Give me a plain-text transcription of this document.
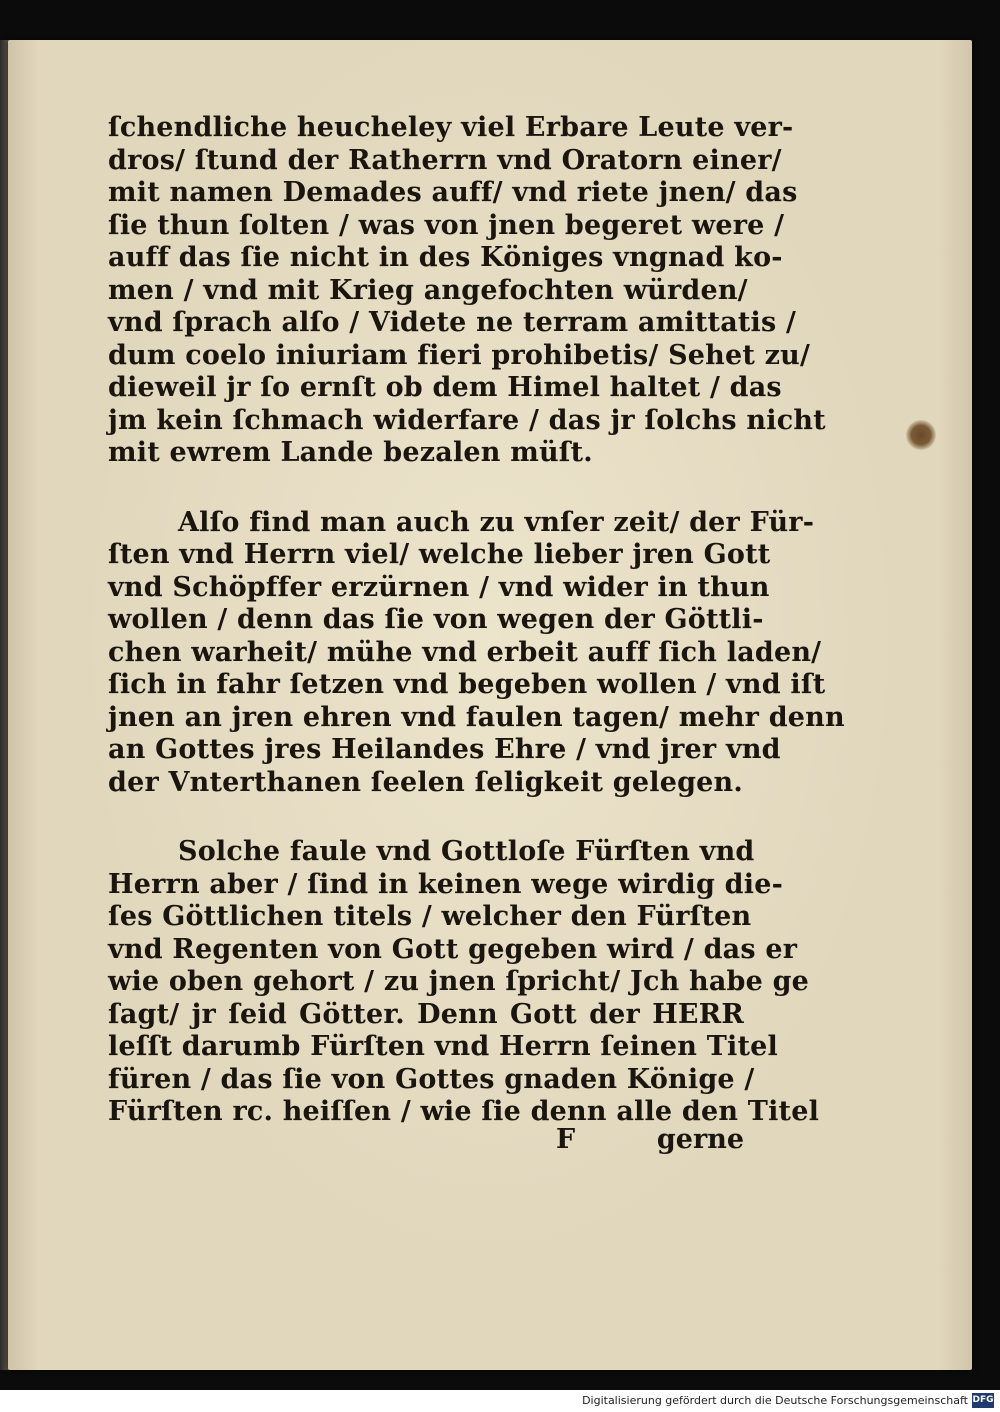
ſchendliche heucheley viel Erbare Leute ver-
dros/ ſtund der Ratherrn vnd Oratorn einer/
mit namen Demades auff/ vnd riete jnen/ das
ſie thun ſolten / was von jnen begeret were /
auff das ſie nicht in des Königes vngnad ko-
men / vnd mit Krieg angefochten würden/
vnd ſprach alſo / Videte ne terram amittatis /
dum coelo iniuriam fieri prohibetis/ Sehet zu/
dieweil jr ſo ernſt ob dem Himel haltet / das
jm kein ſchmach widerfare / das jr ſolchs nicht
mit ewrem Lande bezalen müſt.
Alſo find man auch zu vnſer zeit/ der Für-
ſten vnd Herrn viel/ welche lieber jren Gott
vnd Schöpffer erzürnen / vnd wider in thun
wollen / denn das ſie von wegen der Göttli-
chen warheit/ mühe vnd erbeit auff ſich laden/
ſich in fahr ſetzen vnd begeben wollen / vnd iſt
jnen an jren ehren vnd faulen tagen/ mehr denn
an Gottes jres Heilandes Ehre / vnd jrer vnd
der Vnterthanen ſeelen ſeligkeit gelegen.
Solche faule vnd Gottloſe Fürſten vnd
Herrn aber / ſind in keinen wege wirdig die-
ſes Göttlichen titels / welcher den Fürſten
vnd Regenten von Gott gegeben wird / das er
wie oben gehort / zu jnen ſpricht/ Jch habe ge
ſagt/ jr ſeid Götter. Denn Gott der HERR
leſſt darumb Fürſten vnd Herrn ſeinen Titel
füren / das ſie von Gottes gnaden Könige /
Fürſten rc. heiſſen / wie ſie denn alle den Titel
F	gerne
Digitalisierung gefördert durch die Deutsche Forschungsgemeinschaft DFG
